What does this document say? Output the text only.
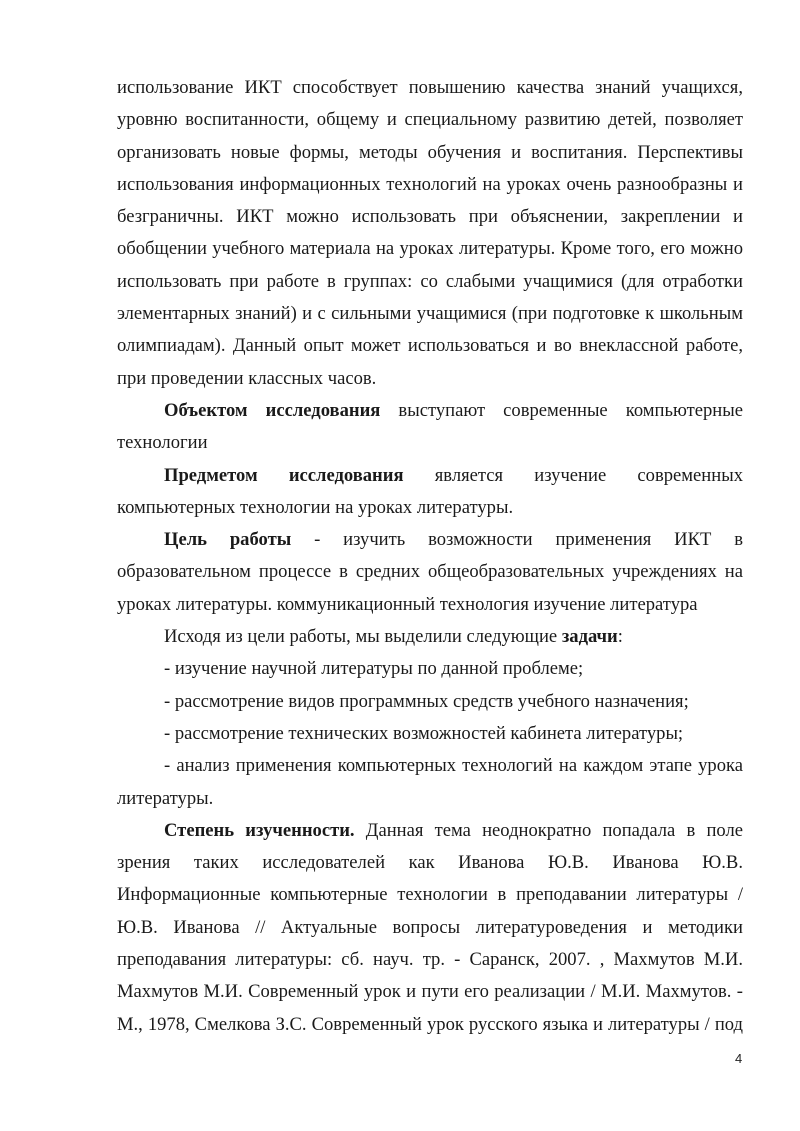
использование ИКТ способствует повышению качества знаний учащихся, уровню воспитанности, общему и специальному развитию детей, позволяет организовать новые формы, методы обучения и воспитания. Перспективы использования информационных технологий на уроках очень разнообразны и безграничны. ИКТ можно использовать при объяснении, закреплении и обобщении учебного материала на уроках литературы. Кроме того, его можно использовать при работе в группах: со слабыми учащимися (для отработки элементарных знаний) и с сильными учащимися (при подготовке к школьным олимпиадам). Данный опыт может использоваться и во внеклассной работе, при проведении классных часов.

Объектом исследования выступают современные компьютерные технологии

Предметом исследования является изучение современных компьютерных технологии на уроках литературы.

Цель работы - изучить возможности применения ИКТ в образовательном процессе в средних общеобразовательных учреждениях на уроках литературы. коммуникационный технология изучение литература

Исходя из цели работы, мы выделили следующие задачи:

- изучение научной литературы по данной проблеме;

- рассмотрение видов программных средств учебного назначения;

- рассмотрение технических возможностей кабинета литературы;

- анализ применения компьютерных технологий на каждом этапе урока литературы.

Степень изученности. Данная тема неоднократно попадала в поле зрения таких исследователей как Иванова Ю.В. Иванова Ю.В. Информационные компьютерные технологии в преподавании литературы / Ю.В. Иванова // Актуальные вопросы литературоведения и методики преподавания литературы: сб. науч. тр. - Саранск, 2007. , Махмутов М.И. Махмутов М.И. Современный урок и пути его реализации / М.И. Махмутов. - М., 1978, Смелкова З.С. Современный урок русского языка и литературы / под

4
